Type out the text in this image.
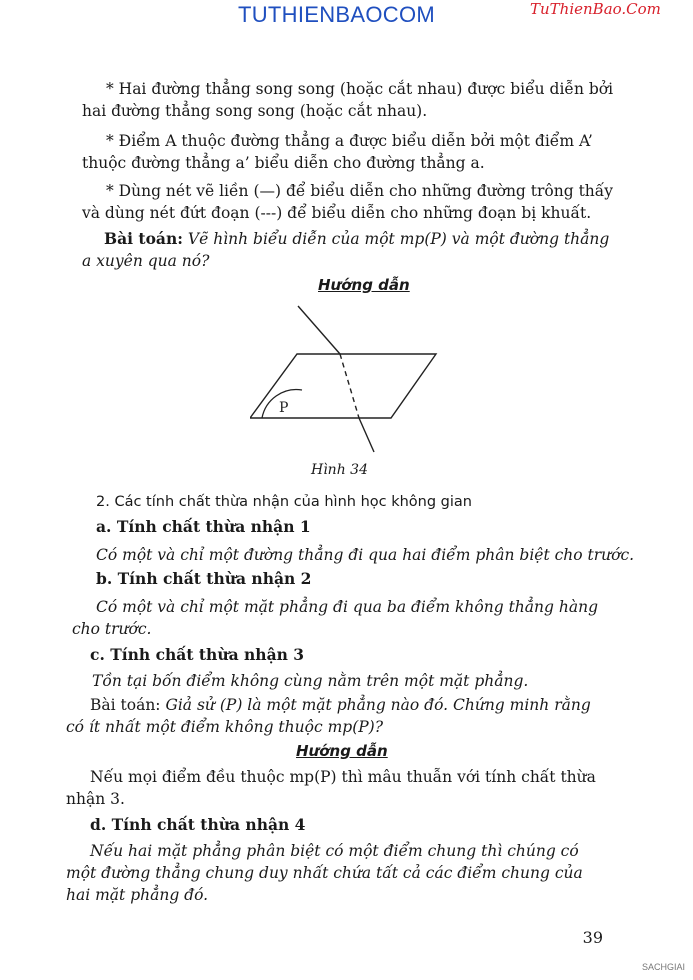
TUTHIENBAOCOM	TuThienBao.Com
* Hai đường thẳng song song (hoặc cắt nhau) được biểu diễn bởi
hai đường thẳng song song (hoặc cắt nhau).
* Điểm A thuộc đường thẳng a được biểu diễn bởi một điểm A’
thuộc đường thẳng a’ biểu diễn cho đường thẳng a.
* Dùng nét vẽ liền (—) để biểu diễn cho những đường trông thấy
và dùng nét đứt đoạn (---) để biểu diễn cho những đoạn bị khuất.
Bài toán: Vẽ hình biểu diễn của một mp(P) và một đường thẳng
a xuyên qua nó?
Hướng dẫn
P
Hình 34
2. Các tính chất thừa nhận của hình học không gian
a. Tính chất thừa nhận 1
Có một và chỉ một đường thẳng đi qua hai điểm phân biệt cho trước.
b. Tính chất thừa nhận 2
Có một và chỉ một mặt phẳng đi qua ba điểm không thẳng hàng
cho trước.
c. Tính chất thừa nhận 3
Tồn tại bốn điểm không cùng nằm trên một mặt phẳng.
Bài toán: Giả sử (P) là một mặt phẳng nào đó. Chứng minh rằng
có ít nhất một điểm không thuộc mp(P)?
Hướng dẫn
Nếu mọi điểm đều thuộc mp(P) thì mâu thuẫn với tính chất thừa
nhận 3.
d. Tính chất thừa nhận 4
Nếu hai mặt phẳng phân biệt có một điểm chung thì chúng có
một đường thẳng chung duy nhất chứa tất cả các điểm chung của
hai mặt phẳng đó.
39
SACHGIAI
